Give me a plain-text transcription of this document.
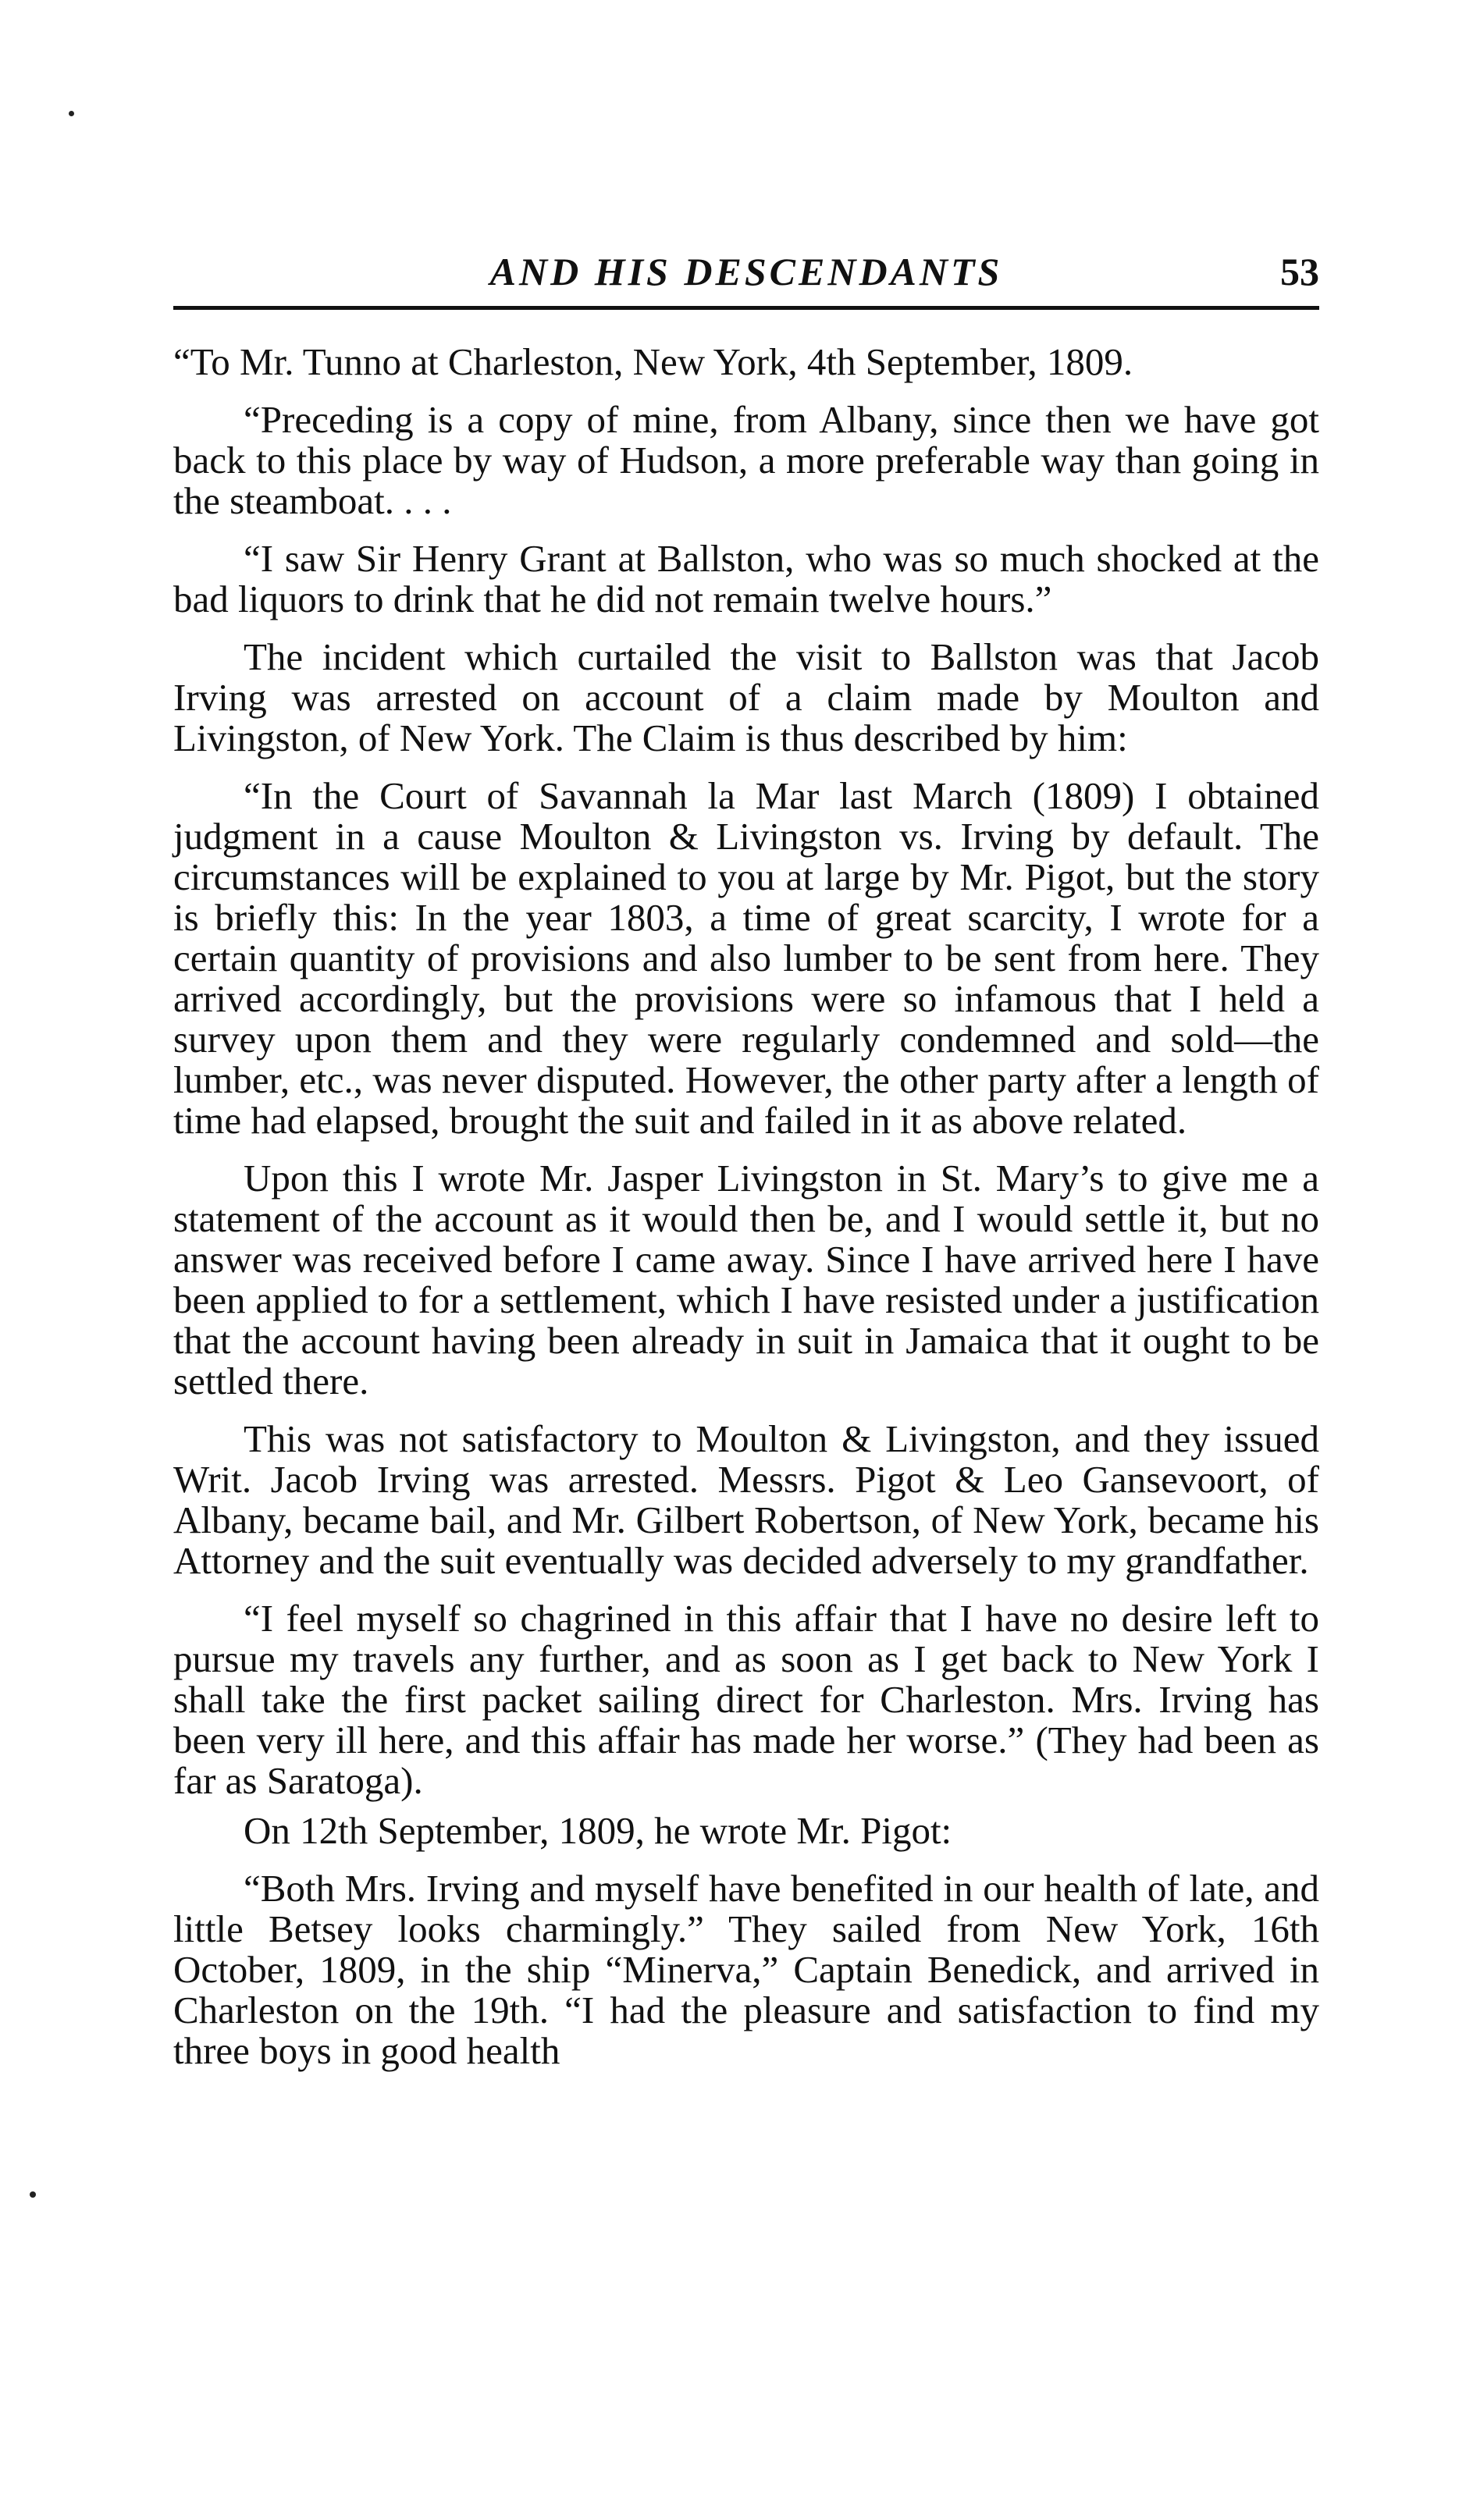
AND HIS DESCENDANTS	53

“To Mr. Tunno at Charleston, New York, 4th September, 1809.

“Preceding is a copy of mine, from Albany, since then we have got back to this place by way of Hudson, a more preferable way than going in the steamboat. . . .

“I saw Sir Henry Grant at Ballston, who was so much shocked at the bad liquors to drink that he did not remain twelve hours.”

The incident which curtailed the visit to Ballston was that Jacob Irving was arrested on account of a claim made by Moulton and Livingston, of New York. The Claim is thus described by him:

“In the Court of Savannah la Mar last March (1809) I obtained judgment in a cause Moulton & Livingston vs. Irving by default. The circumstances will be explained to you at large by Mr. Pigot, but the story is briefly this: In the year 1803, a time of great scarcity, I wrote for a certain quantity of provisions and also lumber to be sent from here. They arrived accordingly, but the provisions were so infamous that I held a survey upon them and they were regularly condemned and sold—the lumber, etc., was never disputed. However, the other party after a length of time had elapsed, brought the suit and failed in it as above related.

Upon this I wrote Mr. Jasper Livingston in St. Mary’s to give me a statement of the account as it would then be, and I would settle it, but no answer was received before I came away. Since I have arrived here I have been applied to for a settlement, which I have resisted under a justification that the account having been already in suit in Jamaica that it ought to be settled there.

This was not satisfactory to Moulton & Livingston, and they issued Writ. Jacob Irving was arrested. Messrs. Pigot & Leo Gansevoort, of Albany, became bail, and Mr. Gilbert Robertson, of New York, became his Attorney and the suit eventually was decided adversely to my grandfather.

“I feel myself so chagrined in this affair that I have no desire left to pursue my travels any further, and as soon as I get back to New York I shall take the first packet sailing direct for Charleston. Mrs. Irving has been very ill here, and this affair has made her worse.” (They had been as far as Saratoga).

On 12th September, 1809, he wrote Mr. Pigot:

“Both Mrs. Irving and myself have benefited in our health of late, and little Betsey looks charmingly.” They sailed from New York, 16th October, 1809, in the ship “Minerva,” Captain Benedick, and arrived in Charleston on the 19th. “I had the pleasure and satisfaction to find my three boys in good health
